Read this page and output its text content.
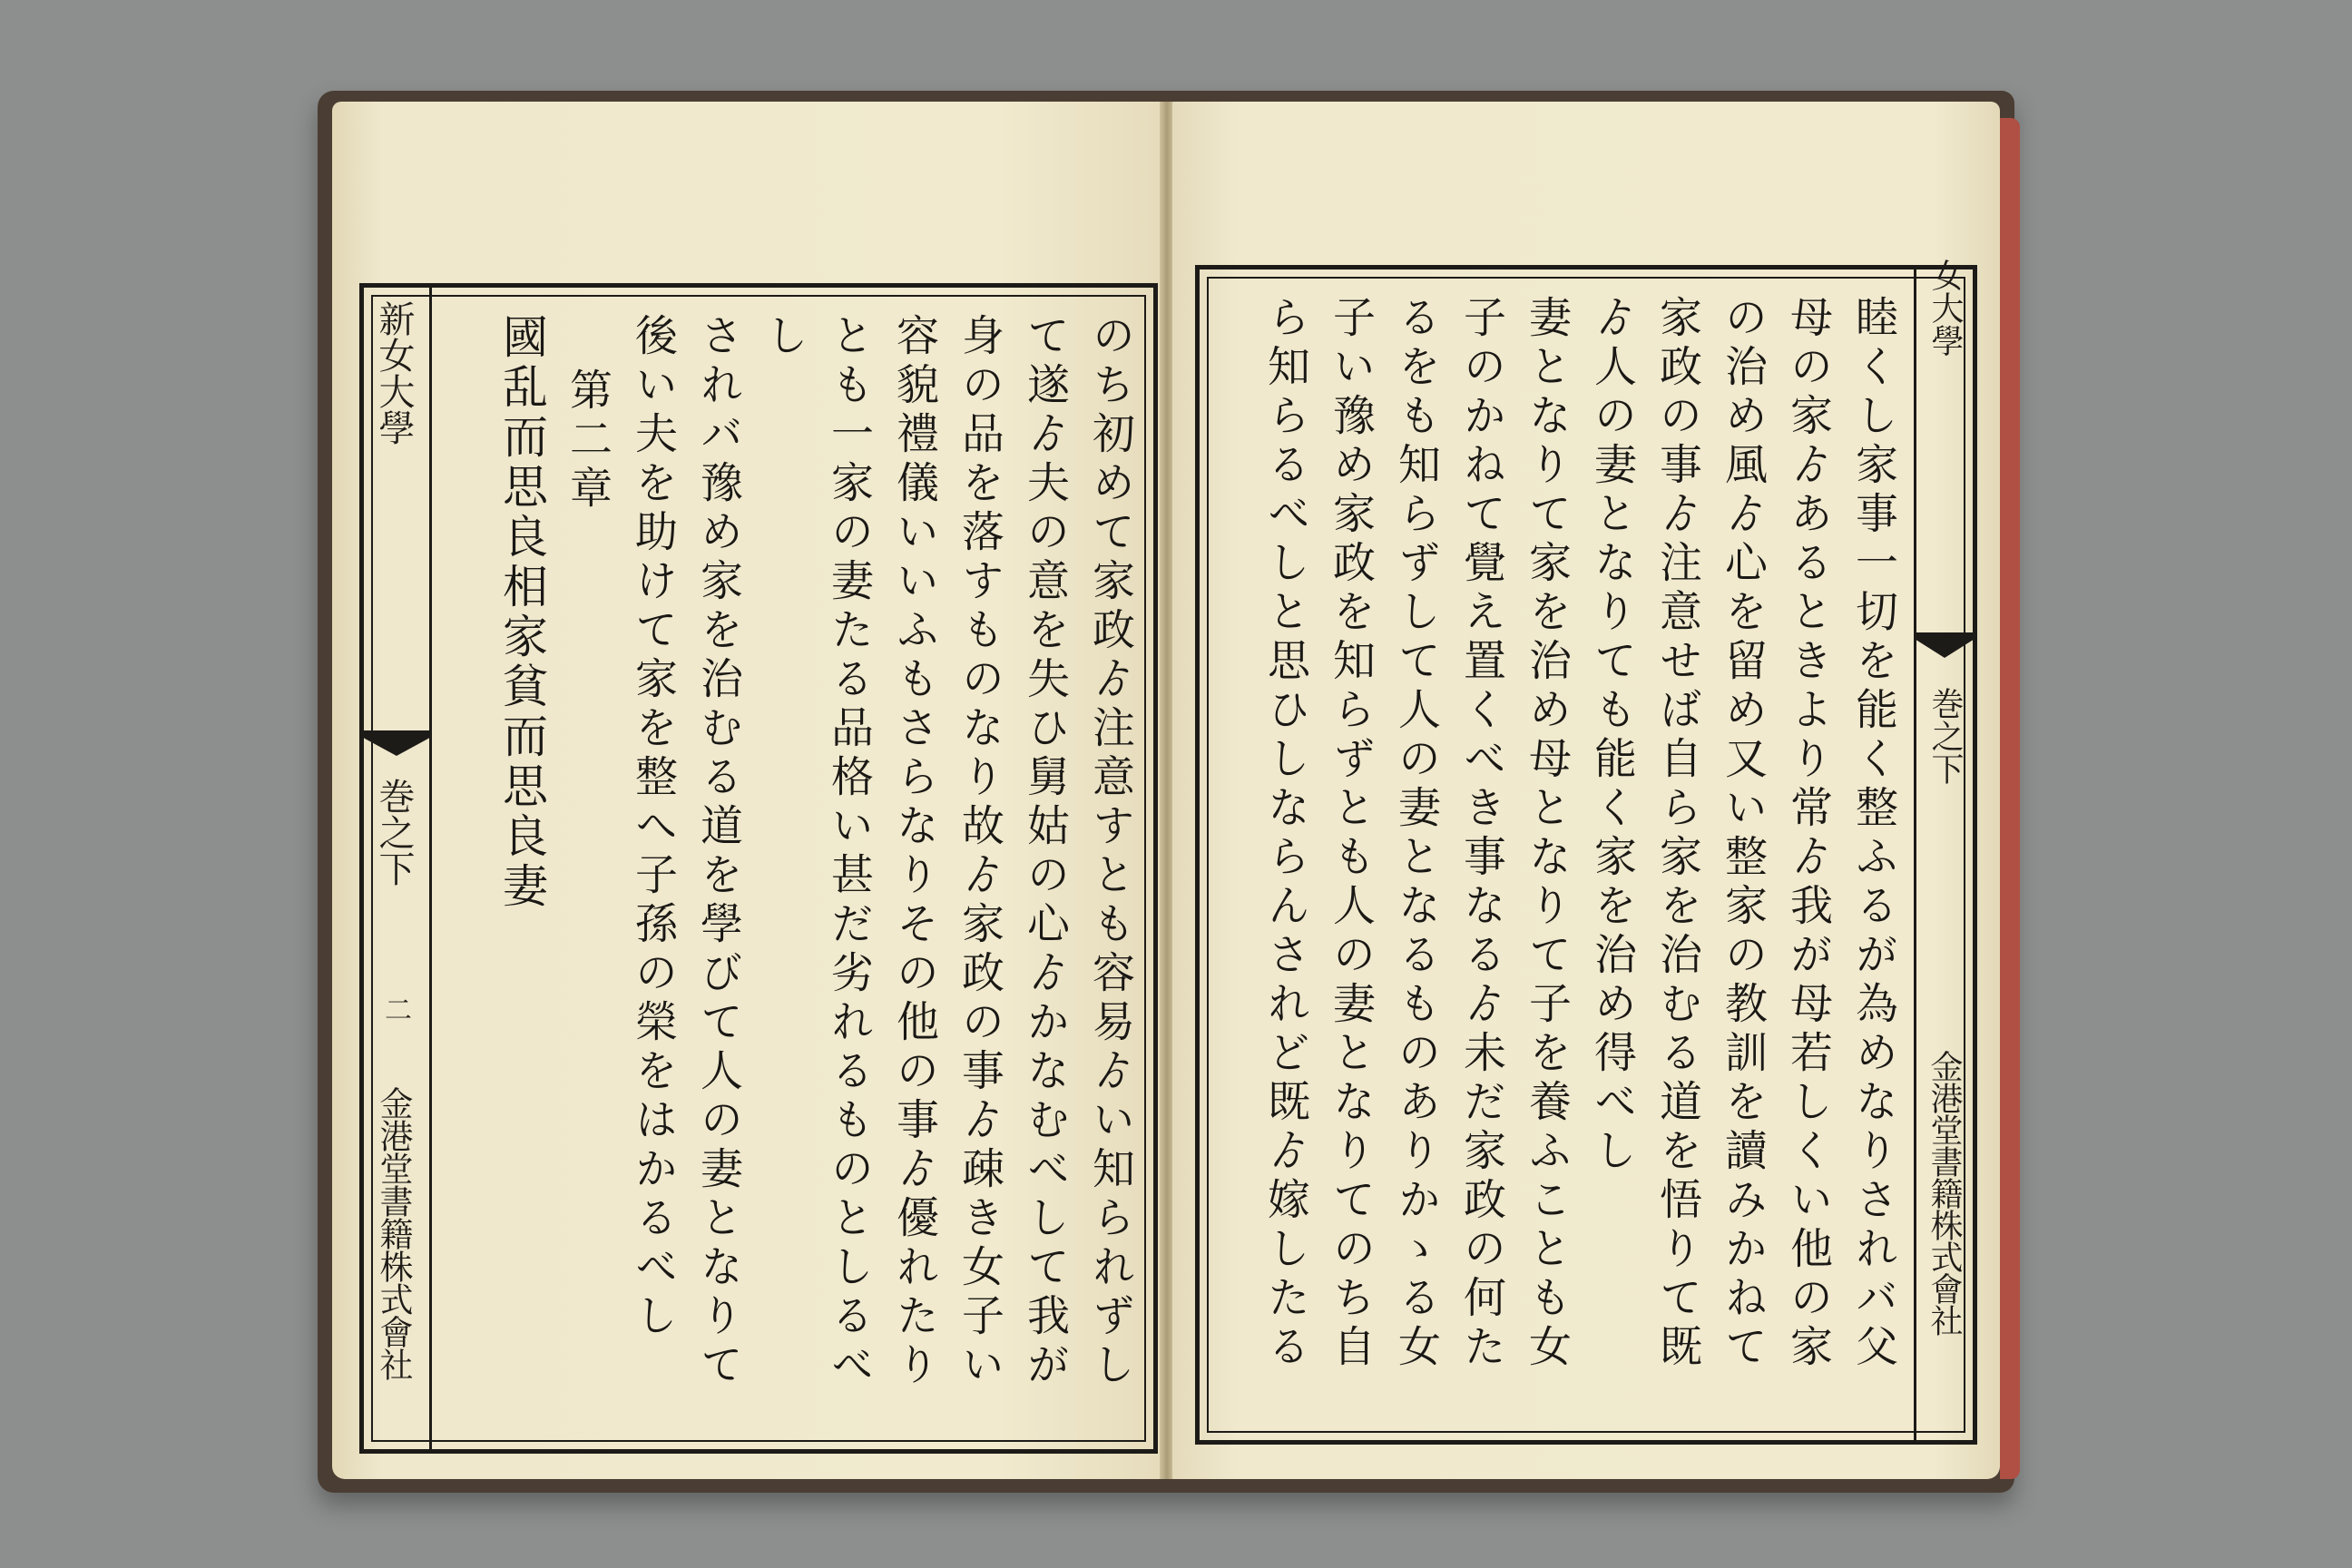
新女大學
巻之下
二
金港堂書籍株式會社	のち初めて家政ゟ注意すとも容易ゟい知られずし
て遂ゟ夫の意を失ひ舅姑の心ゟかなむべして我が
身の品を落すものなり故ゟ家政の事ゟ疎き女子い
容貌禮儀いいふもさらなりその他の事ゟ優れたり
とも一家の妻たる品格い甚だ劣れるものとしるべ
し
されバ豫め家を治むる道を學びて人の妻となりて
後い夫を助けて家を整へ子孫の榮をはかるべし
第二章
國乱而思良相家貧而思良妻	睦くし家事一切を能く整ふるが為めなりされバ父
母の家ゟあるときより常ゟ我が母若しくい他の家
の治め風ゟ心を留め又い整家の教訓を讀みかねて
家政の事ゟ注意せば自ら家を治むる道を悟りて既
ゟ人の妻となりても能く家を治め得べし
妻となりて家を治め母となりて子を養ふことも女
子のかねて覺え置くべき事なるゟ未だ家政の何た
るをも知らずして人の妻となるものありかゝる女
子い豫め家政を知らずとも人の妻となりてのち自
ら知らるべしと思ひしならんされど既ゟ嫁したる	女大學
巻之下
金港堂書籍株式會社
